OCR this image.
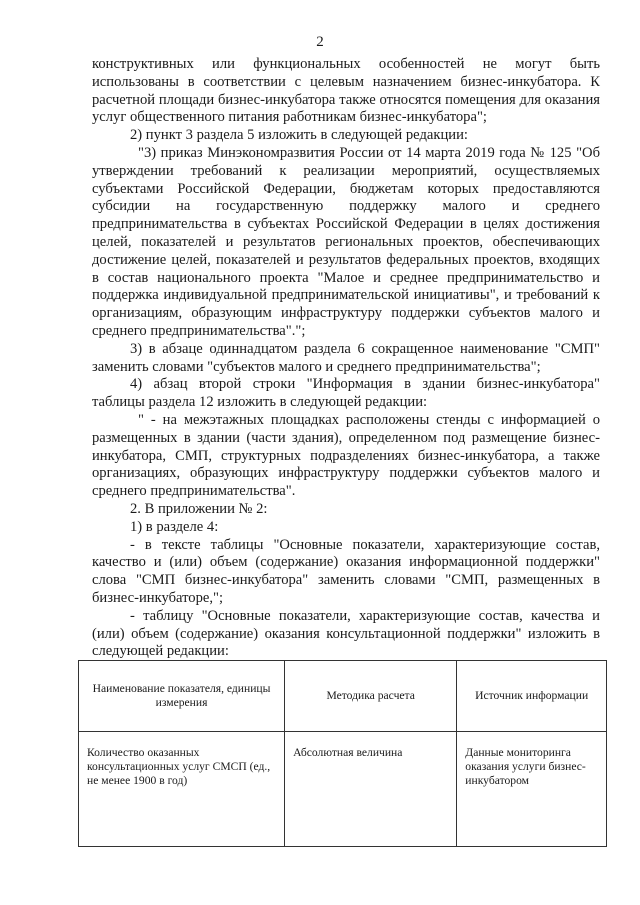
2

конструктивных или функциональных особенностей не могут быть использованы в соответствии с целевым назначением бизнес-инкубатора. К расчетной площади бизнес-инкубатора также относятся помещения для оказания услуг общественного питания работникам бизнес-инкубатора";

2) пункт 3 раздела 5 изложить в следующей редакции:

"3) приказ Минэкономразвития России от 14 марта 2019 года № 125 "Об утверждении требований к реализации мероприятий, осуществляемых субъектами Российской Федерации, бюджетам которых предоставляются субсидии на государственную поддержку малого и среднего предпринимательства в субъектах Российской Федерации в целях достижения целей, показателей и результатов региональных проектов, обеспечивающих достижение целей, показателей и результатов федеральных проектов, входящих в состав национального проекта "Малое и среднее предпринимательство и поддержка индивидуальной предпринимательской инициативы", и требований к организациям, образующим инфраструктуру поддержки субъектов малого и среднего предпринимательства".";

3) в абзаце одиннадцатом раздела 6 сокращенное наименование "СМП" заменить словами "субъектов малого и среднего предпринимательства";

4) абзац второй строки "Информация в здании бизнес-инкубатора" таблицы раздела 12 изложить в следующей редакции:

" - на межэтажных площадках расположены стенды с информацией о размещенных в здании (части здания), определенном под размещение бизнес-инкубатора, СМП, структурных подразделениях бизнес-инкубатора, а также организациях, образующих инфраструктуру поддержки субъектов малого и среднего предпринимательства".

2. В приложении № 2:

1) в разделе 4:

- в тексте таблицы "Основные показатели, характеризующие состав, качество и (или) объем (содержание) оказания информационной поддержки" слова "СМП бизнес-инкубатора" заменить словами "СМП, размещенных в бизнес-инкубаторе,";

- таблицу "Основные показатели, характеризующие состав, качества и (или) объем (содержание) оказания консультационной поддержки" изложить в следующей редакции:

Наименование показателя, единицы измерения	Методика расчета	Источник информации
Количество оказанных консультационных услуг СМСП (ед., не менее 1900 в год)	Абсолютная величина	Данные мониторинга оказания услуги бизнес-инкубатором
